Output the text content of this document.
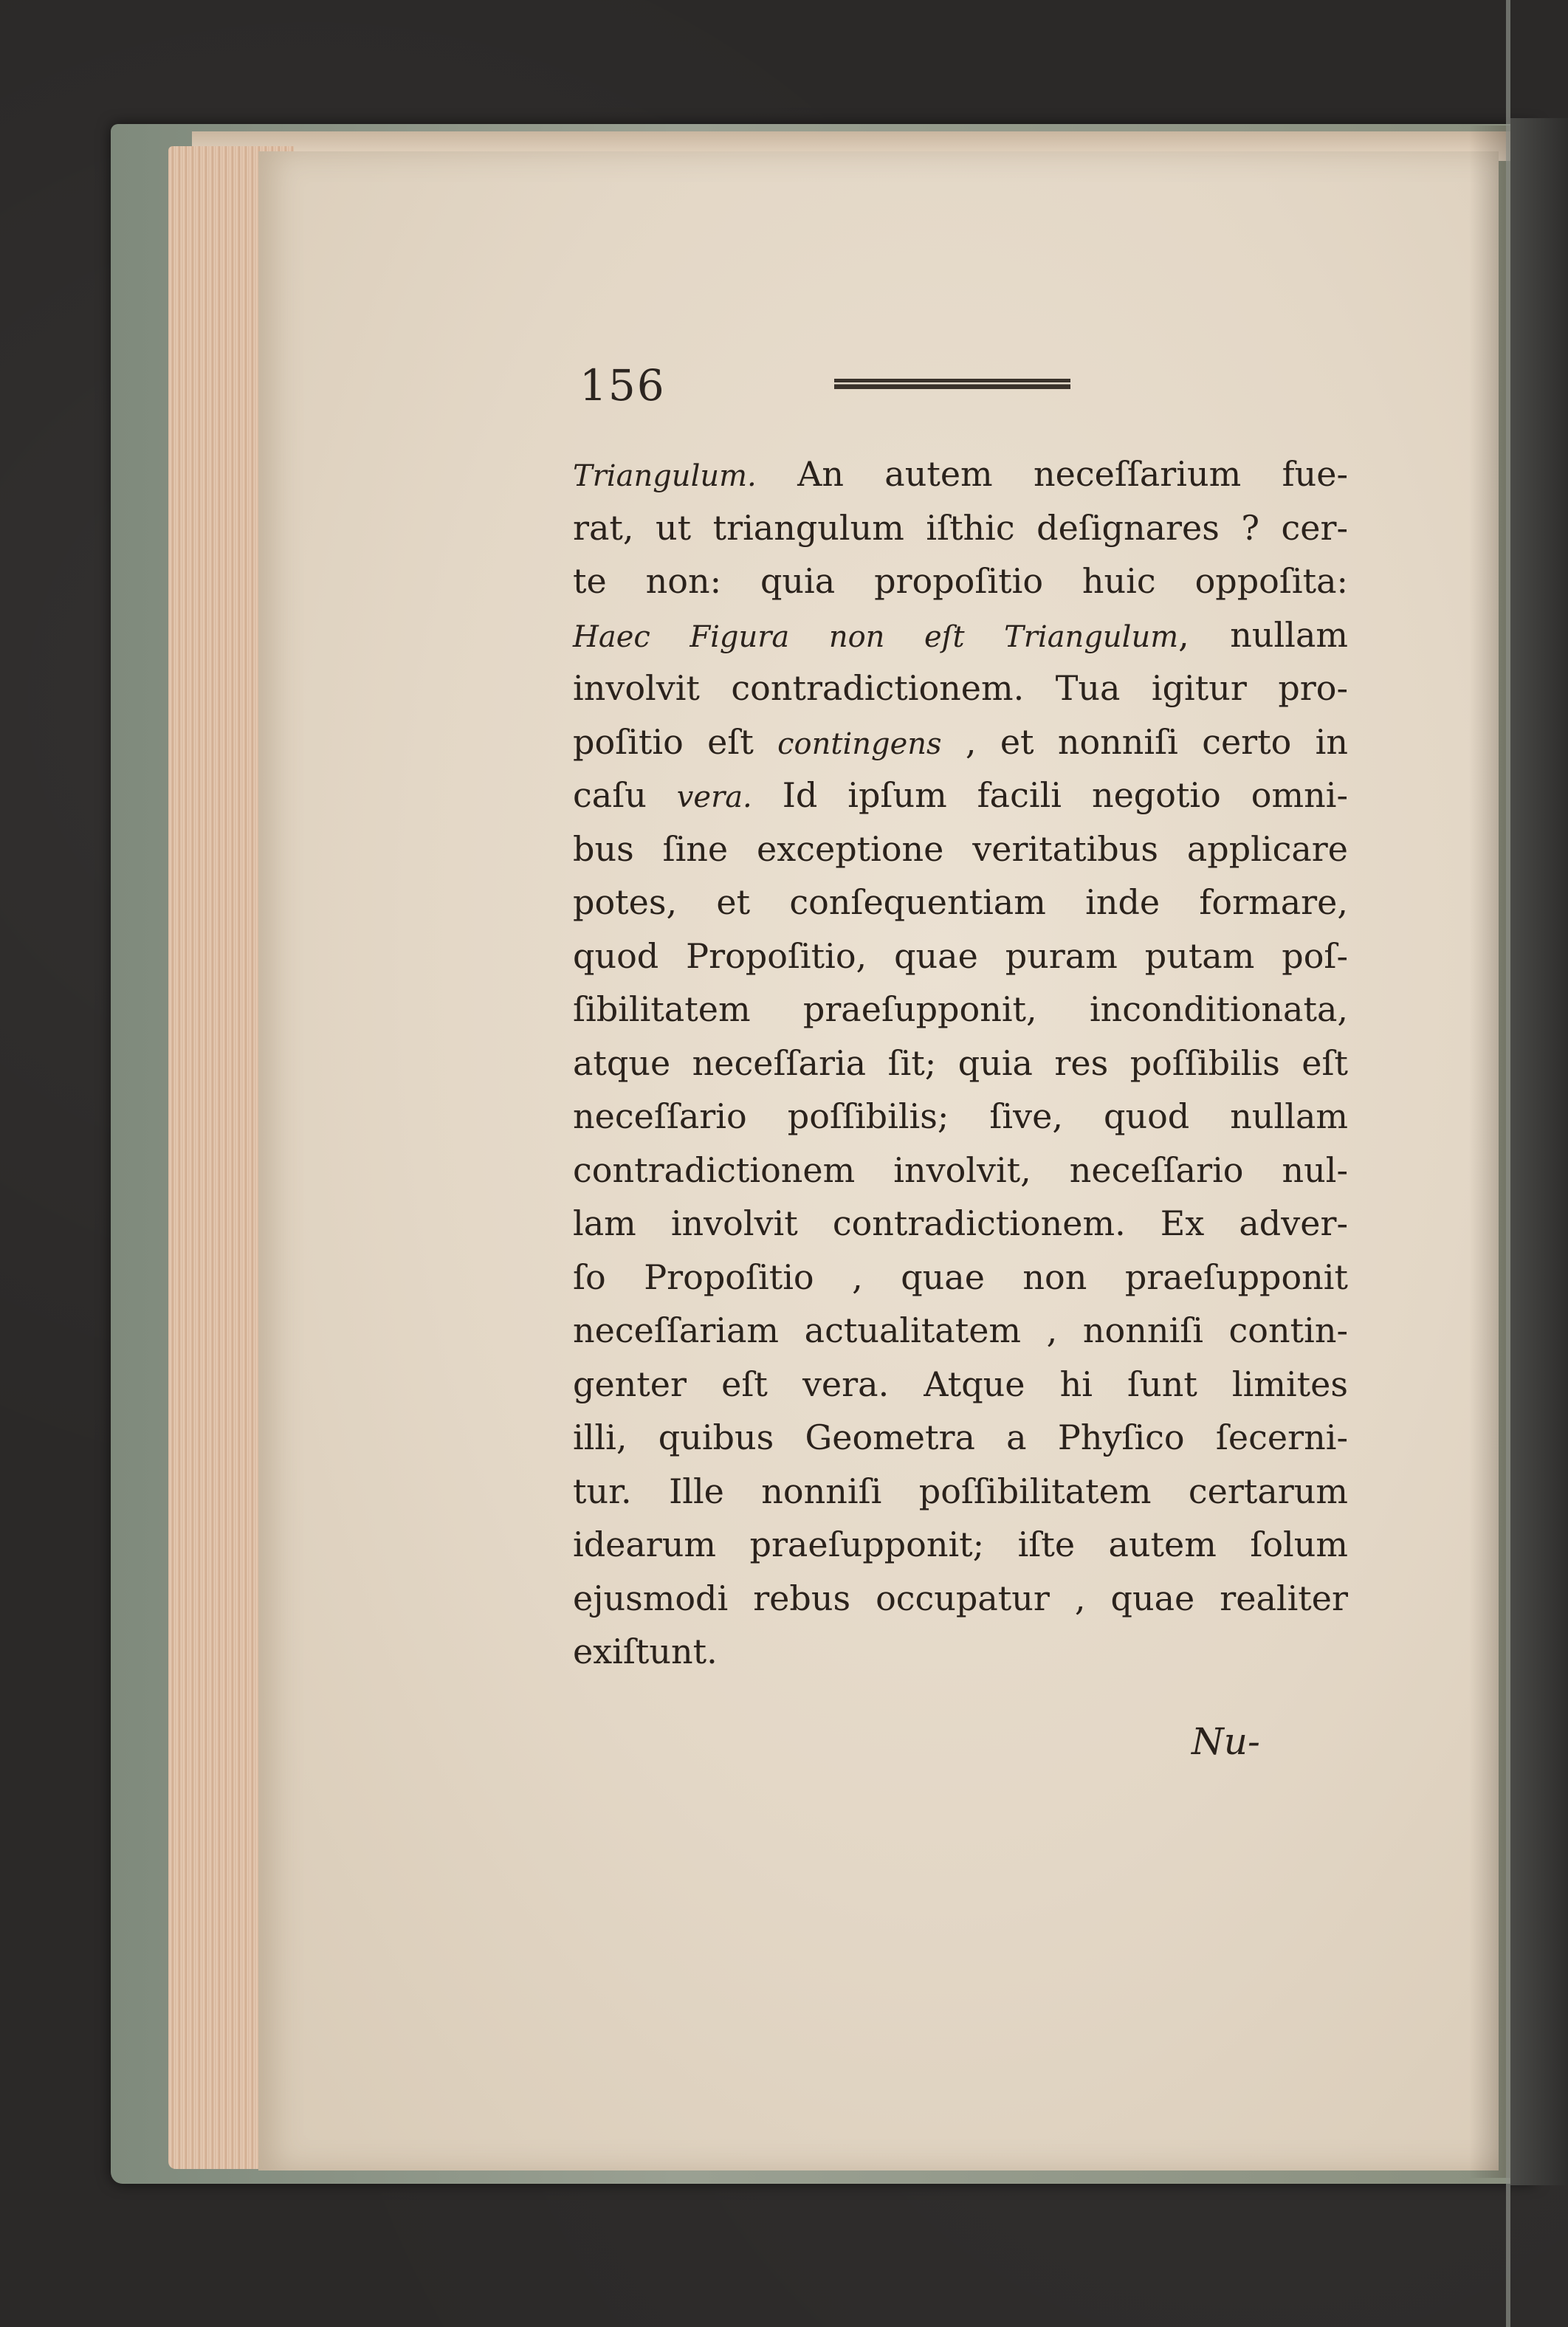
156
Triangulum. An autem neceſſarium fue-
rat, ut triangulum iſthic deſignares ? cer-
te non: quia propoſitio huic oppoſita:
Haec Figura non eſt Triangulum, nullam
involvit contradictionem. Tua igitur pro-
poſitio eſt contingens , et nonniſi certo in
caſu vera. Id ipſum facili negotio omni-
bus ſine exceptione veritatibus applicare
potes, et conſequentiam inde formare,
quod Propoſitio, quae puram putam poſ-
ſibilitatem praeſupponit, inconditionata,
atque neceſſaria ſit; quia res poſſibilis eſt
neceſſario poſſibilis; ſive, quod nullam
contradictionem involvit, neceſſario nul-
lam involvit contradictionem. Ex adver-
ſo Propoſitio , quae non praeſupponit
neceſſariam actualitatem , nonniſi contin-
genter eſt vera. Atque hi ſunt limites
illi, quibus Geometra a Phyſico ſecerni-
tur. Ille nonniſi poſſibilitatem certarum
idearum praeſupponit; iſte autem ſolum
ejusmodi rebus occupatur , quae realiter
exiſtunt.
Nu-
